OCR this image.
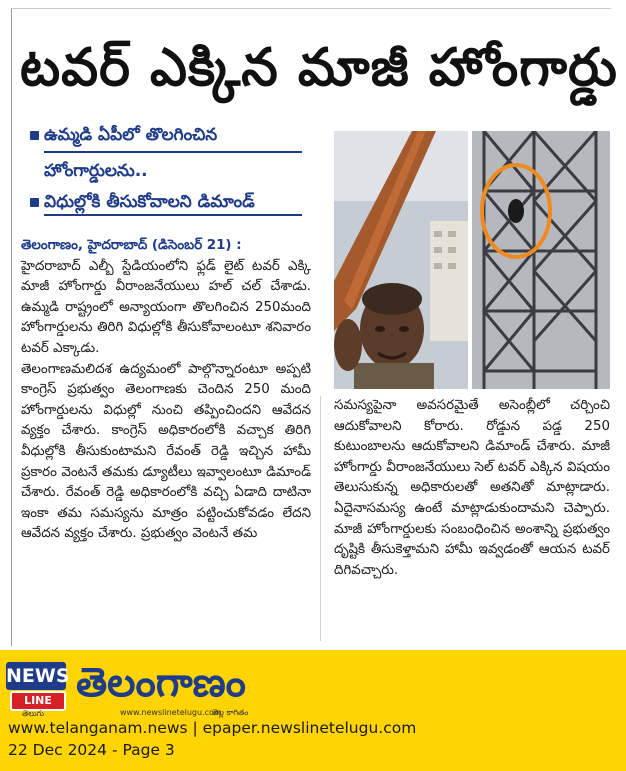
టవర్ ఎక్కిన మాజీ హోంగార్డు
ఉమ్మడి ఏపీలో తొలగించిన
హోంగార్డులను..
విధుల్లోకి తీసుకోవాలని డిమాండ్

తెలంగాణం, హైదరాబాద్ (డిసెంబర్ 21) :

హైదరాబాద్ ఎల్బీ స్టేడియంలోని ఫ్లడ్ లైట్ టవర్ ఎక్కి మాజీ హోంగార్డు వీరాంజనేయులు హల్ చల్ చేశాడు. ఉమ్మడి రాష్ట్రంలో అన్యాయంగా తొలగించిన 250మంది హోంగార్డులను తిరిగి విధుల్లోకి తీసుకోవాలంటూ శనివారం టవర్ ఎక్కాడు.

తెలంగాణమలిదశ ఉద్యమంలో పాల్గొన్నారంటూ అప్పటి కాంగ్రెస్ ప్రభుత్వం తెలంగాణకు చెందిన 250 మంది హోంగార్డులను విధుల్లో నుంచి తప్పించిందని ఆవేదన వ్యక్తం చేశారు. కాంగ్రెస్ అధికారంలోకి వచ్చాక తిరిగి వీధుల్లోకి తీసుకుంటామని రేవంత్ రెడ్డి ఇచ్చిన హామీ ప్రకారం వెంటనే తమకు డ్యూటీలు ఇవ్వాలంటూ డిమాండ్ చేశారు. రేవంత్ రెడ్డి అధికారంలోకి వచ్చి ఏడాది దాటినా ఇంకా తమ సమస్యను మాత్రం పట్టించుకోవడం లేదని ఆవేదన వ్యక్తం చేశారు. ప్రభుత్వం వెంటనే తమ

సమస్యపైనా అవసరమైతే అసెంబ్లీలో చర్చించి ఆదుకోవాలని కోరారు. రోడ్డున పడ్డ 250 కుటుంబాలను ఆదుకోవాలని డిమాండ్ చేశారు. మాజీ హోంగార్డు వీరాంజనేయులు సెల్ టవర్ ఎక్కిన విషయం తెలుసుకున్న అధికారులతో అతనితో మాట్లాడారు. ఏదైనాసమస్య ఉంటే మాట్లాడుకుందామని చెప్పారు. మాజీ హోంగార్డులకు సంబంధించిన అంశాన్ని ప్రభుత్వం దృష్టికి తీసుకెళ్తామని హామీ ఇవ్వడంతో ఆయన టవర్ దిగివచ్చారు.

NEWS
LINE
తెలుగు
తెలంగాణం
www.newslinetelugu.com
తెల్ల కాగితం
www.telanganam.news | epaper.newslinetelugu.com
22 Dec 2024 - Page 3
